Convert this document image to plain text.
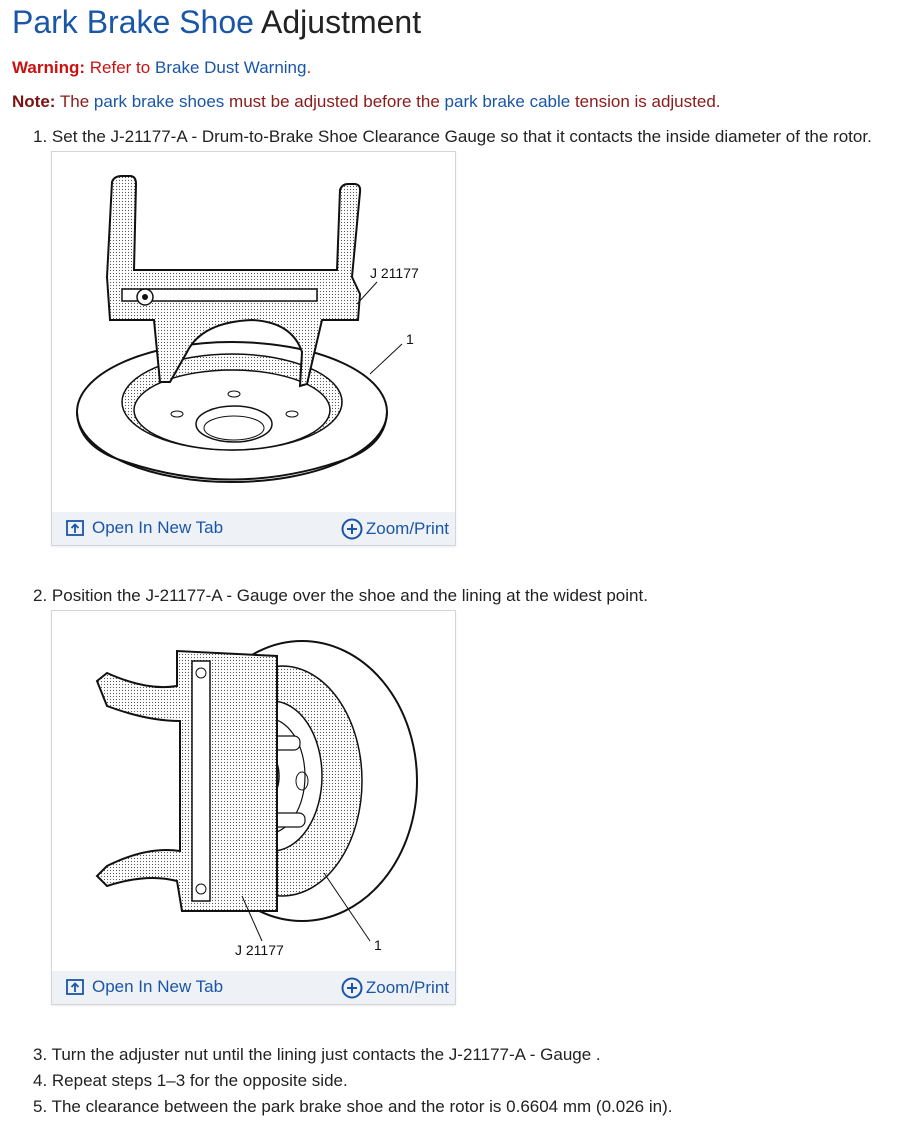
Park Brake Shoe Adjustment
Warning: Refer to Brake Dust Warning.
Note: The park brake shoes must be adjusted before the park brake cable tension is adjusted.
1. Set the J-21177-A - Drum-to-Brake Shoe Clearance Gauge so that it contacts the inside diameter of the rotor.
J 21177
1
Open In New Tab	Zoom/Print
2. Position the J-21177-A - Gauge over the shoe and the lining at the widest point.
J 21177	1
Open In New Tab	Zoom/Print
3. Turn the adjuster nut until the lining just contacts the J-21177-A - Gauge .
4. Repeat steps 1–3 for the opposite side.
5. The clearance between the park brake shoe and the rotor is 0.6604 mm (0.026 in).
